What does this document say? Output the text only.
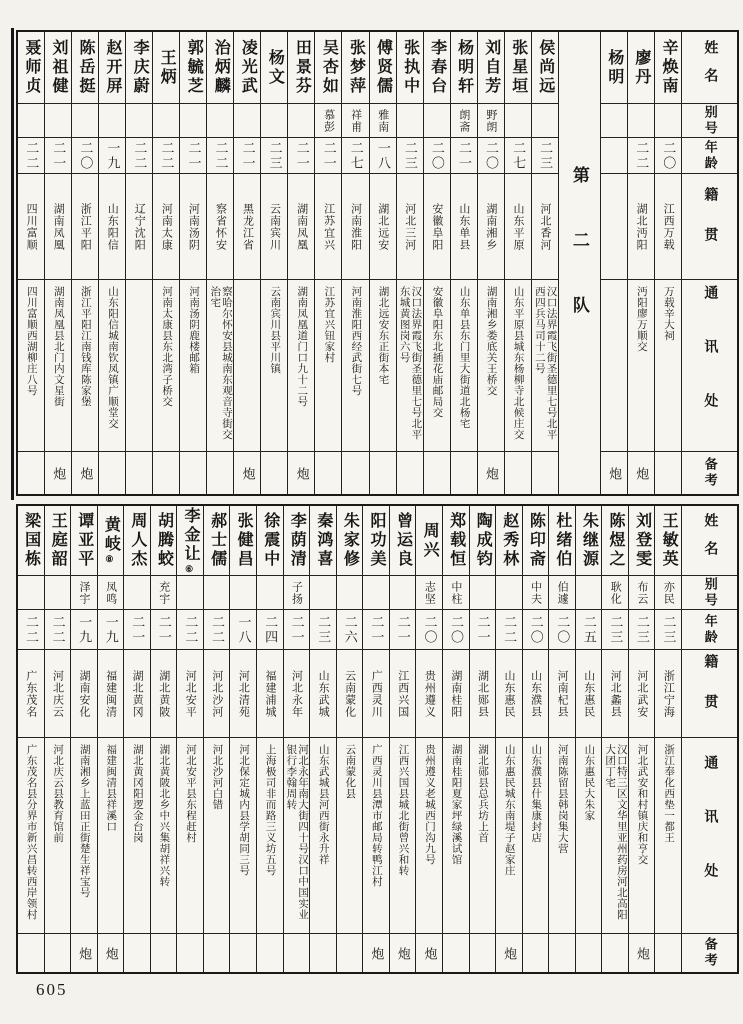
姓名
别号
年龄
籍贯
通讯处
备考
辛焕南
二〇
江西万载
万载辛大祠
廖丹
二二
湖北沔阳
沔阳廖万顺交
炮
杨明
炮
第二队
侯尚远
二三
河北香河
汉口法界霞飞街圣德里七号北平西四兵马司十二号
张星垣
二七
山东平原
山东平原县城东杨柳寺北候庄交
刘自芳
野朗
二〇
湖南湘乡
湖南湘乡娄底关王桥交
炮
杨明轩
朗斋
二一
山东单县
山东单县东门里大街道北杨宅
李春台
二〇
安徽阜阳
安徽阜阳东北插花庙邮局交
张执中
二三
河北三河
汉口法界霞飞街圣德里七号北平东城黄图岗六号
傅贤儒
雅南
一八
湖北远安
湖北远安东正街本宅
张梦萍
祥甫
二七
河南淮阳
河南淮阳西经武街七号
吴杏如
慕彭
二一
江苏宜兴
江苏宜兴钮家村
田景芬
二一
湖南凤凰
湖南凤凰道门口九十二号
炮
杨文
二三
云南宾川
云南宾川县平川镇
凌光武
二一
黑龙江省
炮
治炳麟
二二
察省怀安
察哈尔怀安县城南东观音寺街交治宅
郭毓芝
二一
河南汤阴
河南汤阴鹿楼邮箱
王炳
二二
河南太康
河南太康县东北湾子桥交
李庆蔚
二二
辽宁沈阳
赵开屏
一九
山东阳信
山东阳信城南钦凤镇广顺堂交
陈岳挺
二〇
浙江平阳
浙江平阳江南钱库陈家堡
炮
刘祖健
二一
湖南凤凰
湖南凤凰县北门内文星街
炮
聂师贞
二二
四川富顺
四川富顺西湖柳庄八号
姓名
别号
年龄
籍贯
通讯处
备考
王敏英
亦民
二三
浙江宁海
浙江奉化西垫一都王
刘登雯
布云
二三
河北武安
河北武安和村镇庆和亨交
炮
陈煜之
耿化
二三
河北蠡县
汉口特三区文华里亚州药房河北高阳大团丁宅
朱继源
二五
山东惠民
山东惠民大朱家
杜绪伯
伯遽
二〇
河南杞县
河南陈留县韩岗集大营
陈印斋
中夫
二〇
山东濮县
山东濮县什集康封店
赵秀林
二二
山东惠民
山东惠民城东南堤子赵家庄
炮
陶成钧
二一
湖北郧县
湖北郧县总兵坊上首
郑载恒
中柱
二〇
湖南桂阳
湖南桂阳夏家坪绿溪试馆
周兴
志坚
二〇
贵州遵义
贵州遵义老城西门沟九号
炮
曾运良
二一
江西兴国
江西兴国县城北街曾兴和转
炮
阳功美
二一
广西灵川
广西灵川县潭市邮局转鸭江村
炮
朱家修
二六
云南蒙化
云南蒙化县
秦鸿喜
二三
山东武城
山东武城县河西街永升祥
李荫清
子扬
二一
河北永年
河北永年南大街四十号汉口中国实业银行李翰周转
徐震中
二四
福建浦城
上海极司非而路三义坊五号
张健昌
一八
河北清苑
河北保定城内县学胡同三号
郝士儒
二二
河北沙河
河北沙河白错
李金让
⑥
二二
河北安平
河北安平县东程赶村
胡腾蛟
充宇
二一
湖北黄陂
湖北黄陂北乡中兴集胡祥兴转
周人杰
二一
湖北黄冈
湖北黄冈阳逻金台岗
黄岐
⑧
凤鸣
一九
福建闽清
福建闽清县祥溪口
炮
谭亚平
泽宇
一九
湖南安化
湖南湘乡上蓝田正街楚生祥宝号
炮
王庭韶
二二
河北庆云
河北庆云县教育馆前
梁国栋
二二
广东茂名
广东茂名县分界市新兴昌转西岸领村
605
